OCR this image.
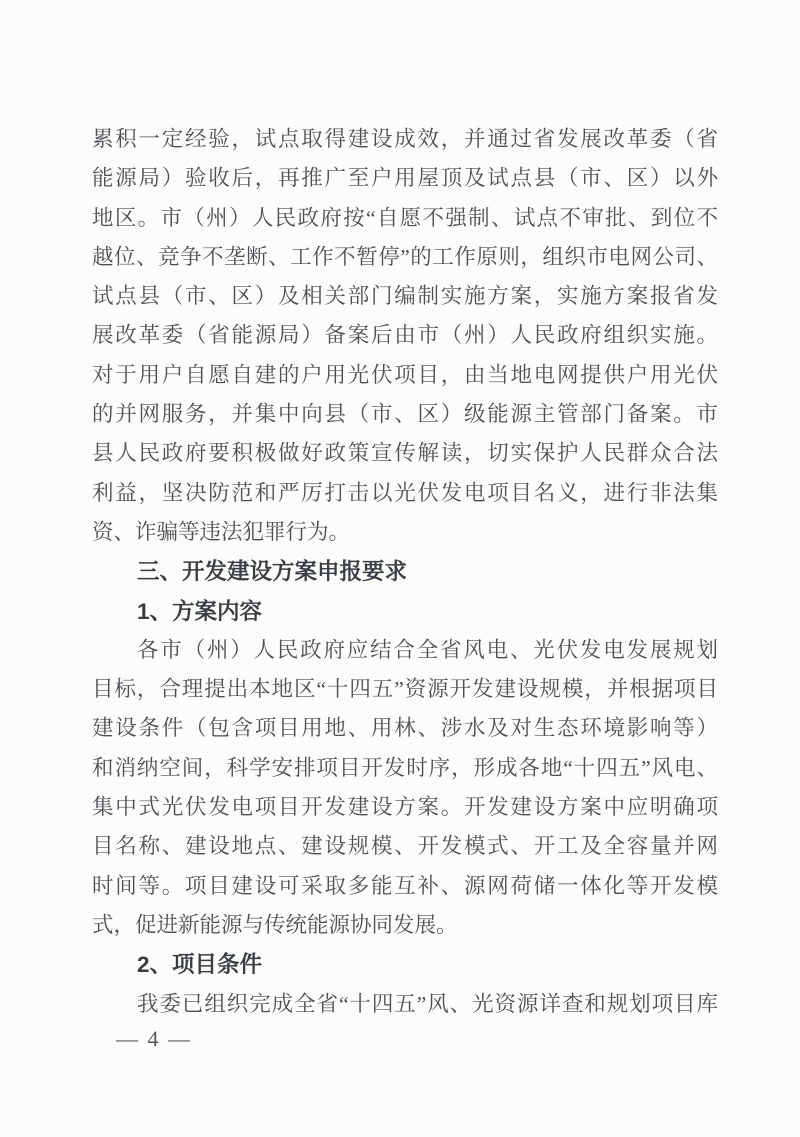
累积一定经验，试点取得建设成效，并通过省发展改革委（省
能源局）验收后，再推广至户用屋顶及试点县（市、区）以外
地区。市（州）人民政府按“自愿不强制、试点不审批、到位不
越位、竞争不垄断、工作不暂停”的工作原则，组织市电网公司、
试点县（市、区）及相关部门编制实施方案，实施方案报省发
展改革委（省能源局）备案后由市（州）人民政府组织实施。
对于用户自愿自建的户用光伏项目，由当地电网提供户用光伏
的并网服务，并集中向县（市、区）级能源主管部门备案。市
县人民政府要积极做好政策宣传解读，切实保护人民群众合法
利益，坚决防范和严厉打击以光伏发电项目名义，进行非法集
资、诈骗等违法犯罪行为。
三、开发建设方案申报要求
1、方案内容
各市（州）人民政府应结合全省风电、光伏发电发展规划
目标，合理提出本地区“十四五”资源开发建设规模，并根据项目
建设条件（包含项目用地、用林、涉水及对生态环境影响等）
和消纳空间，科学安排项目开发时序，形成各地“十四五”风电、
集中式光伏发电项目开发建设方案。开发建设方案中应明确项
目名称、建设地点、建设规模、开发模式、开工及全容量并网
时间等。项目建设可采取多能互补、源网荷储一体化等开发模
式，促进新能源与传统能源协同发展。
2、项目条件
我委已组织完成全省“十四五”风、光资源详查和规划项目库
— 4 —
